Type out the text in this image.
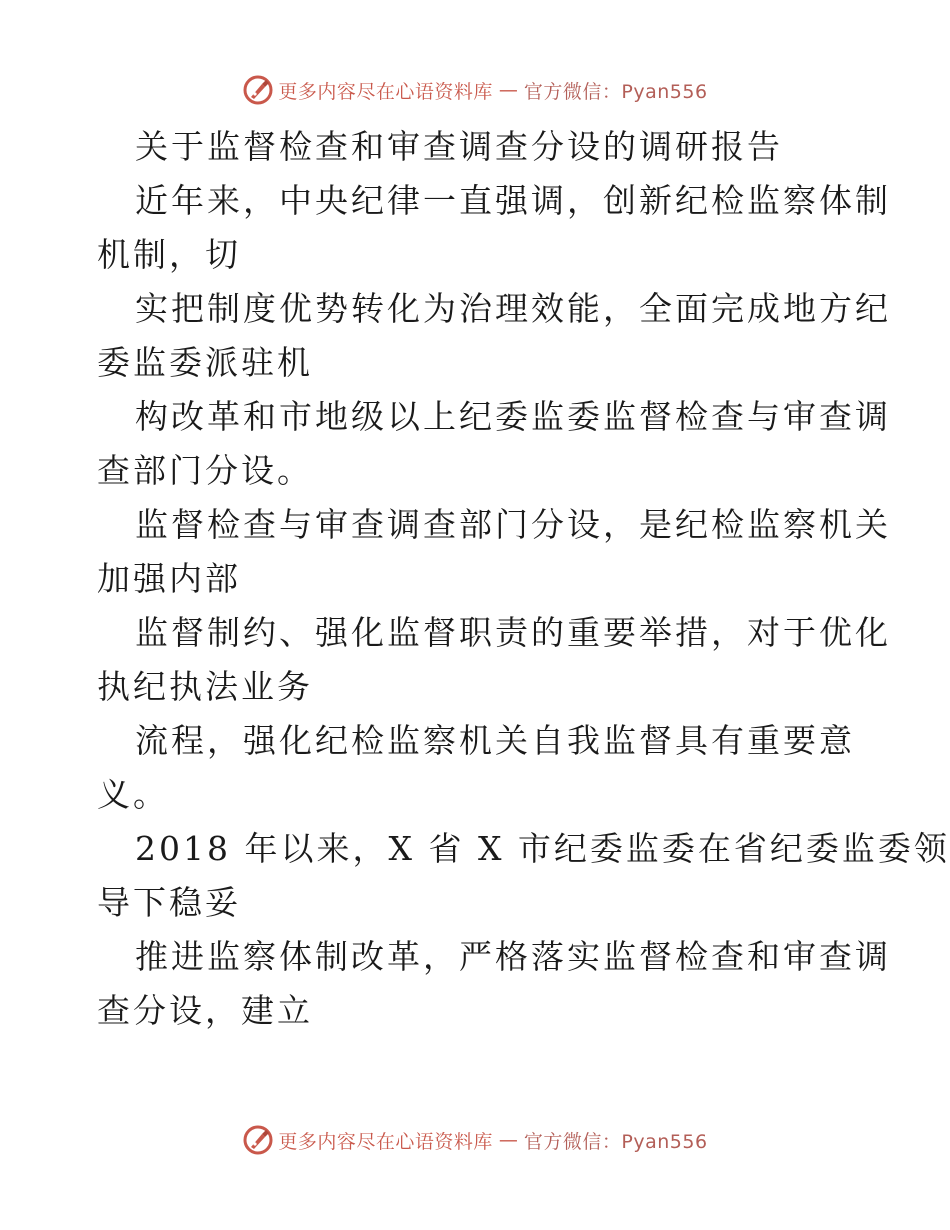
更多内容尽在心语资料库 — 官方微信：Pyan556
关于监督检查和审查调查分设的调研报告
近年来，中央纪律一直强调，创新纪检监察体制
机制，切
实把制度优势转化为治理效能，全面完成地方纪
委监委派驻机
构改革和市地级以上纪委监委监督检查与审查调
查部门分设。
监督检查与审查调查部门分设，是纪检监察机关
加强内部
监督制约、强化监督职责的重要举措，对于优化
执纪执法业务
流程，强化纪检监察机关自我监督具有重要意
义。
2018 年以来，X 省 X 市纪委监委在省纪委监委领
导下稳妥
推进监察体制改革，严格落实监督检查和审查调
查分设，建立
更多内容尽在心语资料库 — 官方微信：Pyan556
